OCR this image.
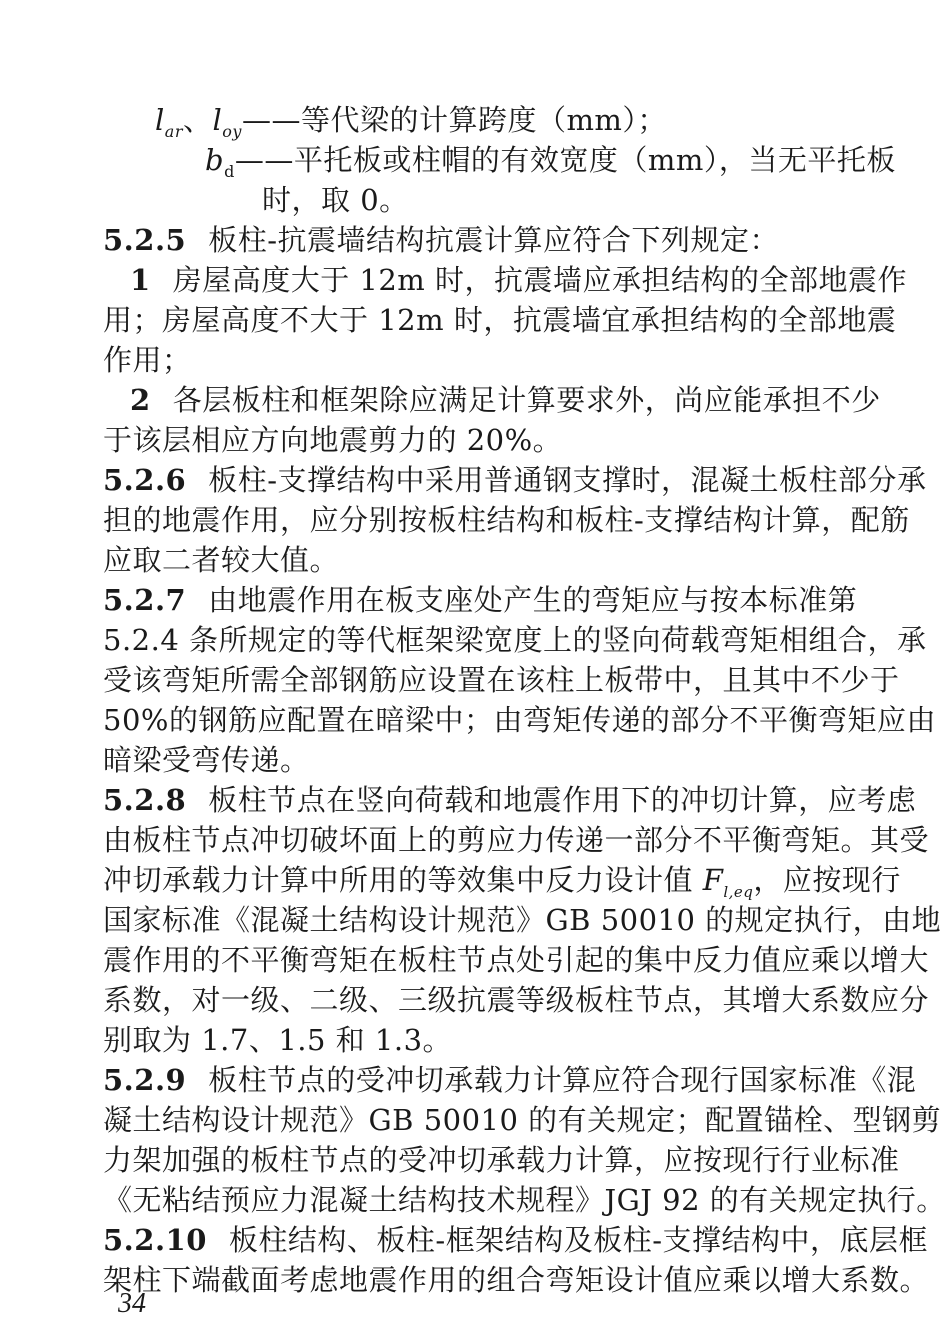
$l_{ar}$、$l_{oy}——$等代梁的计算跨度（mm）；
$b_d——$平托板或柱帽的有效宽度（mm），当无平托板
时，取 0。
5.2.5 板柱-抗震墙结构抗震计算应符合下列规定：
1 房屋高度大于 12m 时，抗震墙应承担结构的全部地震作
用；房屋高度不大于 12m 时，抗震墙宜承担结构的全部地震
作用；
2 各层板柱和框架除应满足计算要求外，尚应能承担不少
于该层相应方向地震剪力的 20%。
5.2.6 板柱-支撑结构中采用普通钢支撑时，混凝土板柱部分承
担的地震作用，应分别按板柱结构和板柱-支撑结构计算，配筋
应取二者较大值。
5.2.7 由地震作用在板支座处产生的弯矩应与按本标准第
5.2.4 条所规定的等代框架梁宽度上的竖向荷载弯矩相组合，承
受该弯矩所需全部钢筋应设置在该柱上板带中，且其中不少于
50%的钢筋应配置在暗梁中；由弯矩传递的部分不平衡弯矩应由
暗梁受弯传递。
5.2.8 板柱节点在竖向荷载和地震作用下的冲切计算，应考虑
由板柱节点冲切破坏面上的剪应力传递一部分不平衡弯矩。其受
冲切承载力计算中所用的等效集中反力设计值 $F_{l,eq}$，应按现行
国家标准《混凝土结构设计规范》GB 50010 的规定执行，由地
震作用的不平衡弯矩在板柱节点处引起的集中反力值应乘以增大
系数，对一级、二级、三级抗震等级板柱节点，其增大系数应分
别取为 1.7、1.5 和 1.3。
5.2.9 板柱节点的受冲切承载力计算应符合现行国家标准《混
凝土结构设计规范》GB 50010 的有关规定；配置锚栓、型钢剪
力架加强的板柱节点的受冲切承载力计算，应按现行行业标准
《无粘结预应力混凝土结构技术规程》JGJ 92 的有关规定执行。
5.2.10 板柱结构、板柱-框架结构及板柱-支撑结构中，底层框
架柱下端截面考虑地震作用的组合弯矩设计值应乘以增大系数。
34
